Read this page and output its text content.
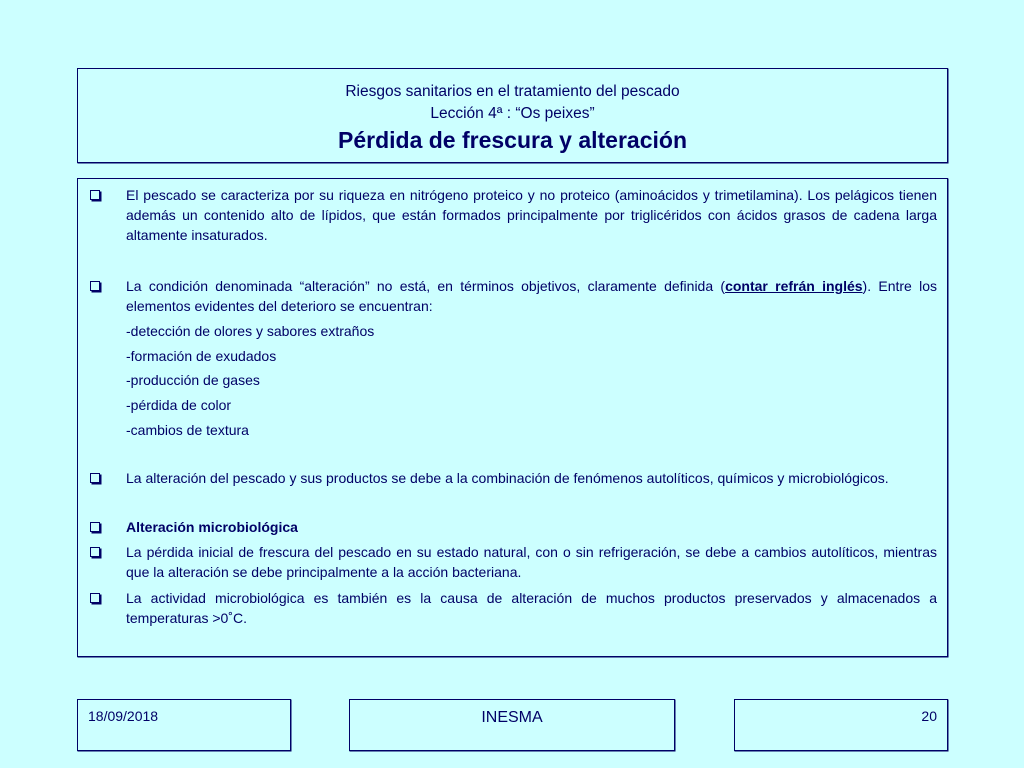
Riesgos sanitarios en el tratamiento del pescado
Lección 4ª : “Os peixes”
Pérdida de frescura y alteración
El pescado se caracteriza por su riqueza en nitrógeno proteico y no proteico (aminoácidos y trimetilamina). Los pelágicos tienen además un contenido alto de lípidos, que están formados principalmente por triglicéridos con ácidos grasos de cadena larga altamente insaturados.
La condición denominada “alteración” no está, en términos objetivos, claramente definida (contar refrán inglés). Entre los elementos evidentes del deterioro se encuentran:
-detección de olores y sabores extraños
-formación de exudados
-producción de gases
-pérdida de color
-cambios de textura
La alteración del pescado y sus productos se debe a la combinación de fenómenos autolíticos, químicos y microbiológicos.
Alteración microbiológica
La pérdida inicial de frescura del pescado en su estado natural, con o sin refrigeración, se debe a cambios autolíticos, mientras que la alteración se debe principalmente a la acción bacteriana.
La actividad microbiológica es también es la causa de alteración de muchos productos preservados y almacenados a temperaturas >0˚C.
18/09/2018	INESMA	20
